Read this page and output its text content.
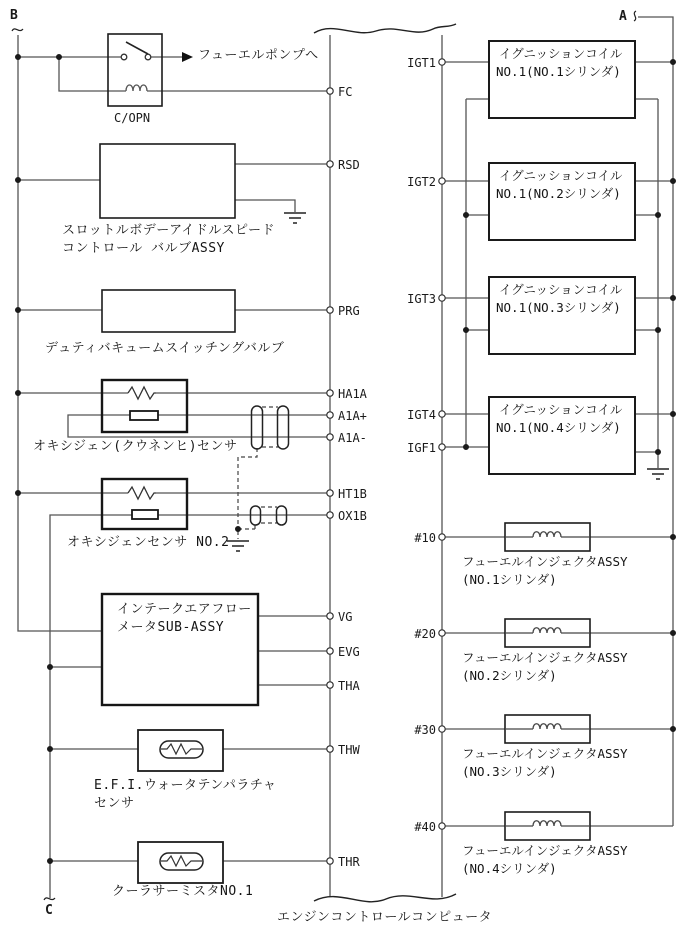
B	A
C
FC
RSD
PRG
HA1A
A1A+
A1A-
HT1B
OX1B
VG
EVG
THA
THW
THR
IGT1
IGT2
IGT3
IGT4
IGF1
#10
#20
#30
#40
フューエルポンプへ
C/OPN
スロットルボデーアイドルスピード
コントロール バルブASSY
デュティバキュームスイッチングバルブ
オキシジェン(クウネンヒ)センサ
オキシジェンセンサ NO.2
インテークエアフロー
メータSUB-ASSY
E.F.I.ウォータテンパラチャ
センサ
クーラサーミスタNO.1
エンジンコントロールコンピュータ
イグニッションコイル
NO.1(NO.1シリンダ)
イグニッションコイル
NO.1(NO.2シリンダ)
イグニッションコイル
NO.1(NO.3シリンダ)
イグニッションコイル
NO.1(NO.4シリンダ)
フューエルインジェクタASSY
(NO.1シリンダ)
フューエルインジェクタASSY
(NO.2シリンダ)
フューエルインジェクタASSY
(NO.3シリンダ)
フューエルインジェクタASSY
(NO.4シリンダ)
